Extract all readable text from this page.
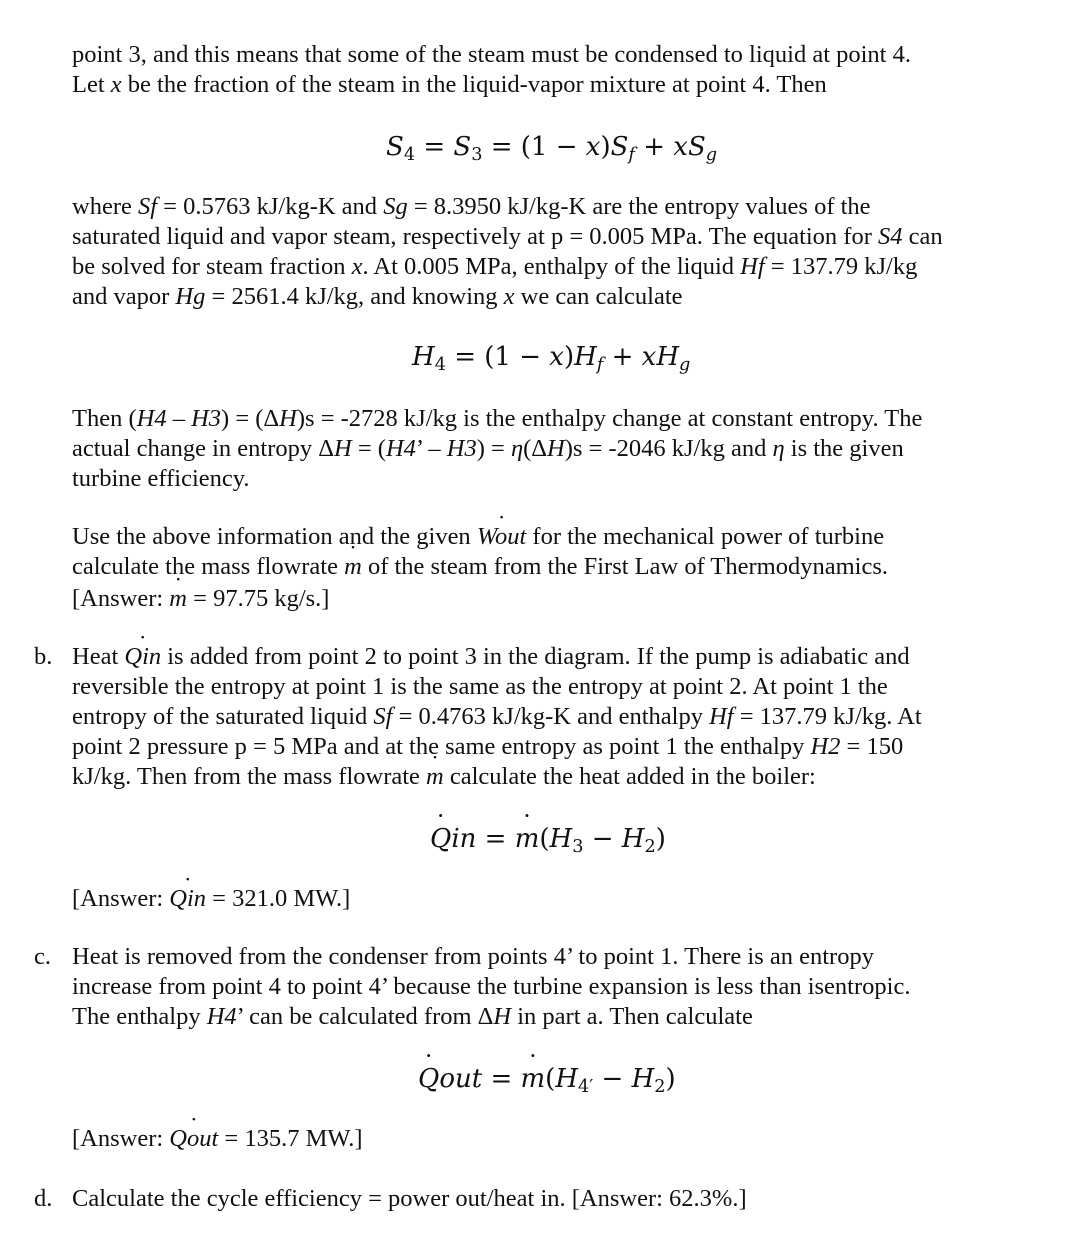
point 3, and this means that some of the steam must be condensed to liquid at point 4.
Let x be the fraction of the steam in the liquid-vapor mixture at point 4. Then
$S_4 = S_3 = (1 - x)S_f + xS_g$
where Sf = 0.5763 kJ/kg-K and Sg = 8.3950 kJ/kg-K are the entropy values of the
saturated liquid and vapor steam, respectively at p = 0.005 MPa. The equation for S4 can
be solved for steam fraction x. At 0.005 MPa, enthalpy of the liquid Hf = 137.79 kJ/kg
and vapor Hg = 2561.4 kJ/kg, and knowing x we can calculate
$H_4 = (1 - x)H_f + xH_g$
Then (H4 – H3) = (ΔH)s = -2728 kJ/kg is the enthalpy change at constant entropy. The
actual change in entropy ΔH = (H4’ – H3) = η(ΔH)s = -2046 kJ/kg and η is the given
turbine efficiency.
Use the above information and the given ˙ Wout for the mechanical power of turbine
calculate the mass flowrate ˙ m of the steam from the First Law of Thermodynamics.
[Answer: ˙ m = 97.75 kg/s.]
b. Heat ˙ Qin is added from point 2 to point 3 in the diagram. If the pump is adiabatic and
reversible the entropy at point 1 is the same as the entropy at point 2. At point 1 the
entropy of the saturated liquid Sf = 0.4763 kJ/kg-K and enthalpy Hf = 137.79 kJ/kg. At
point 2 pressure p = 5 MPa and at the same entropy as point 1 the enthalpy H2 = 150
kJ/kg. Then from the mass flowrate ˙ m calculate the heat added in the boiler:
˙ Qin = ˙ $m(H_3 - H_2)$
[Answer: ˙ Qin = 321.0 MW.]
c. Heat is removed from the condenser from points 4’ to point 1. There is an entropy
increase from point 4 to point 4’ because the turbine expansion is less than isentropic.
The enthalpy H4’ can be calculated from ΔH in part a. Then calculate
˙ Qout = ˙ $m(H_{4'} - H_2)$
[Answer: ˙ Qout = 135.7 MW.]
d. Calculate the cycle efficiency = power out/heat in. [Answer: 62.3%.]
